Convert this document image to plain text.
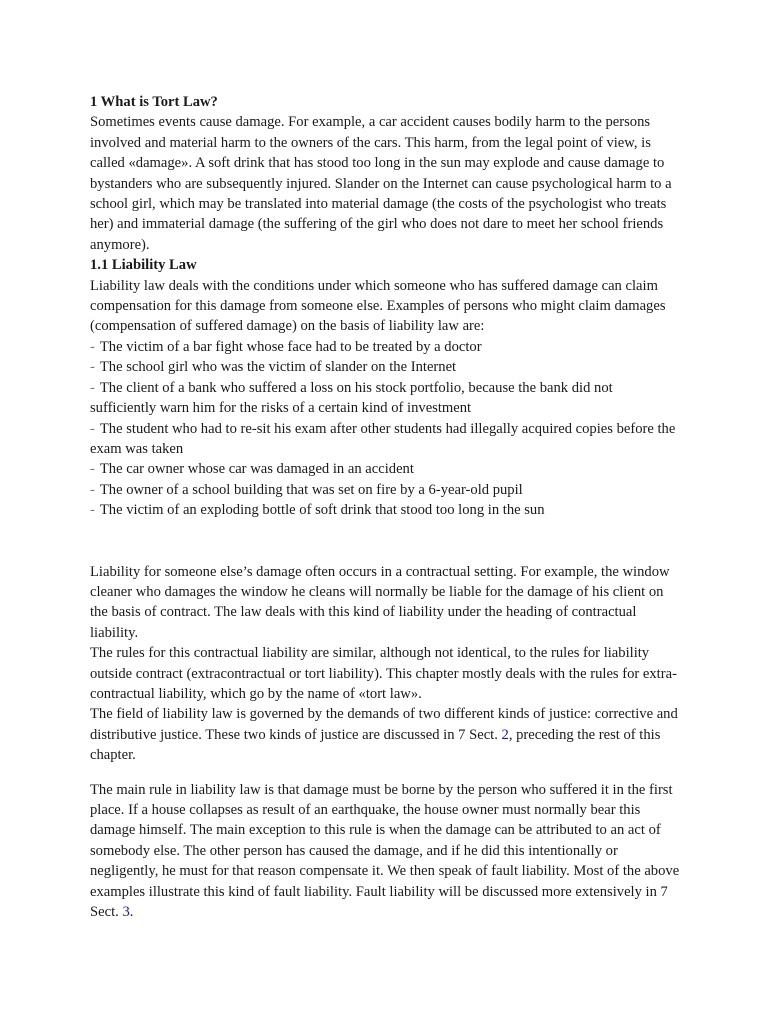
1 What is Tort Law?

Sometimes events cause damage. For example, a car accident causes bodily harm to the persons involved and material harm to the owners of the cars. This harm, from the legal point of view, is called «damage». A soft drink that has stood too long in the sun may explode and cause damage to bystanders who are subsequently injured. Slander on the Internet can cause psychological harm to a school girl, which may be translated into material damage (the costs of the psychologist who treats her) and immaterial damage (the suffering of the girl who does not dare to meet her school friends anymore).

1.1 Liability Law

Liability law deals with the conditions under which someone who has suffered damage can claim compensation for this damage from someone else. Examples of persons who might claim damages (compensation of suffered damage) on the basis of liability law are:

- The victim of a bar fight whose face had to be treated by a doctor

- The school girl who was the victim of slander on the Internet

- The client of a bank who suffered a loss on his stock portfolio, because the bank did not sufficiently warn him for the risks of a certain kind of investment

- The student who had to re-sit his exam after other students had illegally acquired copies before the exam was taken

- The car owner whose car was damaged in an accident

- The owner of a school building that was set on fire by a 6-year-old pupil

- The victim of an exploding bottle of soft drink that stood too long in the sun

Liability for someone else’s damage often occurs in a contractual setting. For example, the window cleaner who damages the window he cleans will normally be liable for the damage of his client on the basis of contract. The law deals with this kind of liability under the heading of contractual liability.

The rules for this contractual liability are similar, although not identical, to the rules for liability outside contract (extracontractual or tort liability). This chapter mostly deals with the rules for extra-contractual liability, which go by the name of «tort law».

The field of liability law is governed by the demands of two different kinds of justice: corrective and distributive justice. These two kinds of justice are discussed in 7 Sect. 2, preceding the rest of this chapter.

The main rule in liability law is that damage must be borne by the person who suffered it in the first place. If a house collapses as result of an earthquake, the house owner must normally bear this damage himself. The main exception to this rule is when the damage can be attributed to an act of somebody else. The other person has caused the damage, and if he did this intentionally or negligently, he must for that reason compensate it. We then speak of fault liability. Most of the above examples illustrate this kind of fault liability. Fault liability will be discussed more extensively in 7 Sect. 3.
